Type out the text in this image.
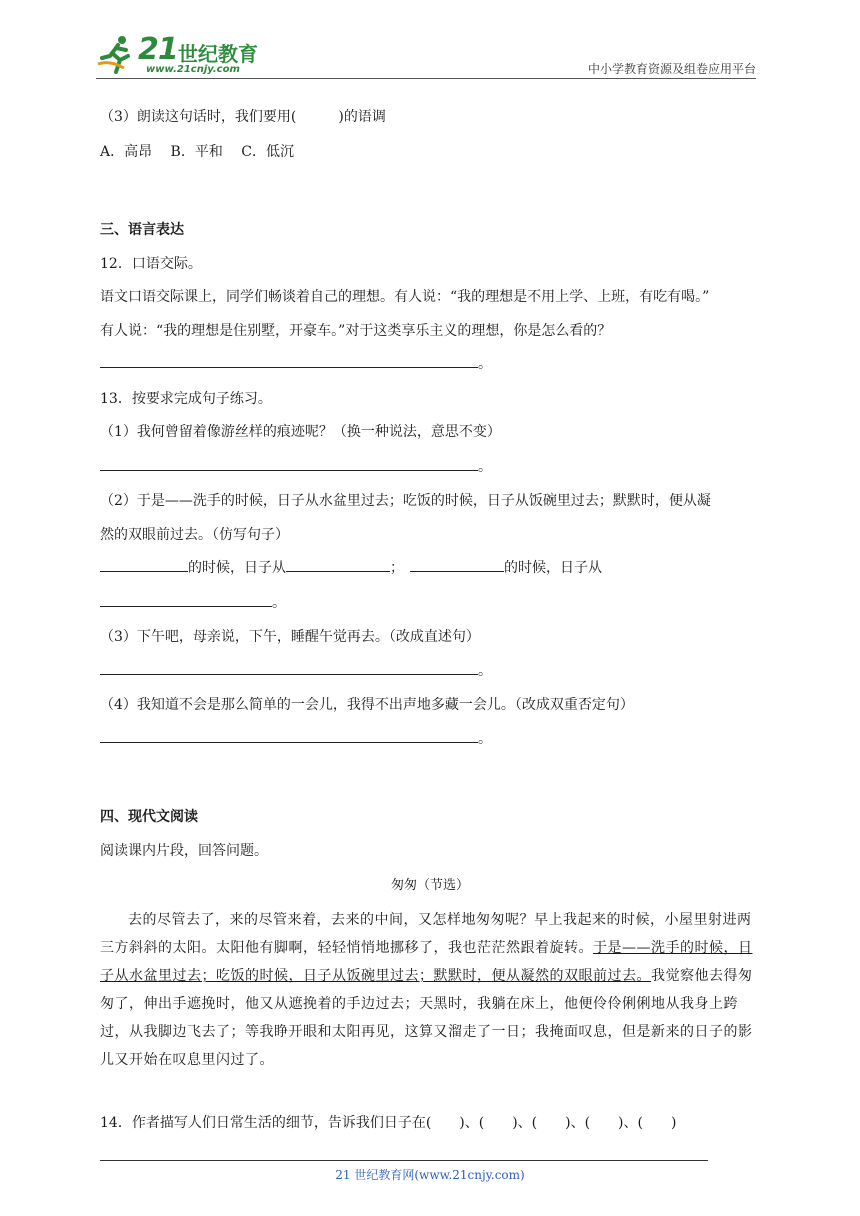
21 世纪教育
www.21cnjy.com	中小学教育资源及组卷应用平台
（3）朗读这句话时，我们要用(　　　)的语调
A．高昂　 B．平和　 C．低沉
三、语言表达
12．口语交际。
语文口语交际课上，同学们畅谈着自己的理想。有人说：“我的理想是不用上学、上班，有吃有喝。”
有人说：“我的理想是住别墅，开豪车。”对于这类享乐主义的理想，你是怎么看的？
。
13．按要求完成句子练习。
（1）我何曾留着像游丝样的痕迹呢？（换一种说法，意思不变）
。
（2）于是——洗手的时候，日子从水盆里过去；吃饭的时候，日子从饭碗里过去；默默时，便从凝
然的双眼前过去。（仿写句子）
的时候，日子从	；	的时候，日子从
。
（3）下午吧，母亲说，下午，睡醒午觉再去。（改成直述句）
。
（4）我知道不会是那么简单的一会儿，我得不出声地多藏一会儿。（改成双重否定句）
。
四、现代文阅读
阅读课内片段，回答问题。
匆匆（节选）
去的尽管去了，来的尽管来着，去来的中间，又怎样地匆匆呢？早上我起来的时候，小屋里射进两三方斜斜的太阳。太阳他有脚啊，轻轻悄悄地挪移了，我也茫茫然跟着旋转。于是——洗手的时候，日子从水盆里过去；吃饭的时候，日子从饭碗里过去；默默时，便从凝然的双眼前过去。我觉察他去得匆匆了，伸出手遮挽时，他又从遮挽着的手边过去；天黑时，我躺在床上，他便伶伶俐俐地从我身上跨过，从我脚边飞去了；等我睁开眼和太阳再见，这算又溜走了一日；我掩面叹息，但是新来的日子的影儿又开始在叹息里闪过了。
14．作者描写人们日常生活的细节，告诉我们日子在(　　)、(　　)、(　　)、(　　)、(　　)
21 世纪教育网(www.21cnjy.com)
